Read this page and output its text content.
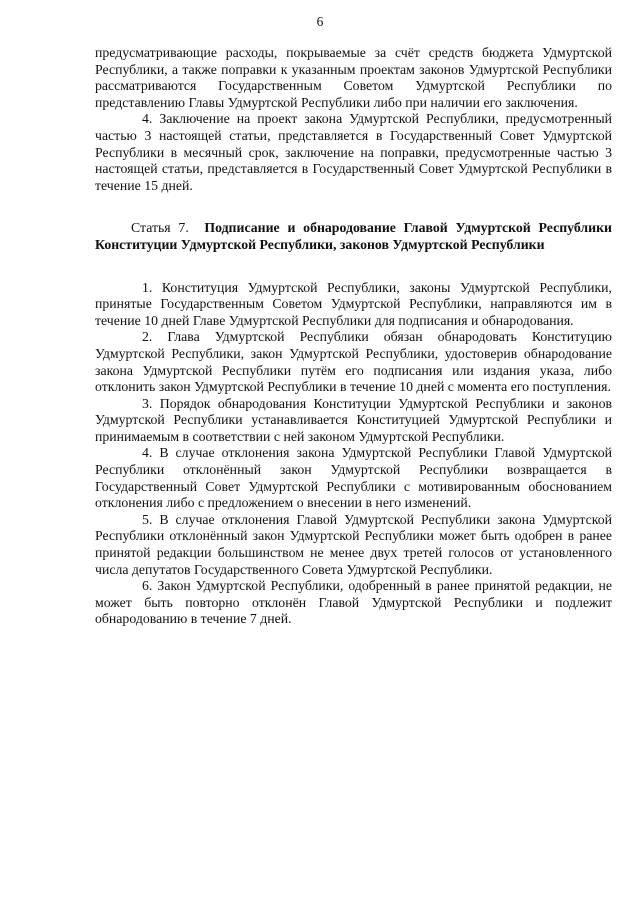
6

предусматривающие расходы, покрываемые за счёт средств бюджета Удмуртской Республики, а также поправки к указанным проектам законов Удмуртской Республики рассматриваются Государственным Советом Удмуртской Республики по представлению Главы Удмуртской Республики либо при наличии его заключения.

4. Заключение на проект закона Удмуртской Республики, предусмотренный частью 3 настоящей статьи, представляется в Государственный Совет Удмуртской Республики в месячный срок, заключение на поправки, предусмотренные частью 3 настоящей статьи, представляется в Государственный Совет Удмуртской Республики в течение 15 дней.

Статья 7. Подписание и обнародование Главой Удмуртской Республики Конституции Удмуртской Республики, законов Удмуртской Республики

1. Конституция Удмуртской Республики, законы Удмуртской Республики, принятые Государственным Советом Удмуртской Республики, направляются им в течение 10 дней Главе Удмуртской Республики для подписания и обнародования.

2. Глава Удмуртской Республики обязан обнародовать Конституцию Удмуртской Республики, закон Удмуртской Республики, удостоверив обнародование закона Удмуртской Республики путём его подписания или издания указа, либо отклонить закон Удмуртской Республики в течение 10 дней с момента его поступления.

3. Порядок обнародования Конституции Удмуртской Республики и законов Удмуртской Республики устанавливается Конституцией Удмуртской Республики и принимаемым в соответствии с ней законом Удмуртской Республики.

4. В случае отклонения закона Удмуртской Республики Главой Удмуртской Республики отклонённый закон Удмуртской Республики возвращается в Государственный Совет Удмуртской Республики с мотивированным обоснованием отклонения либо с предложением о внесении в него изменений.

5. В случае отклонения Главой Удмуртской Республики закона Удмуртской Республики отклонённый закон Удмуртской Республики может быть одобрен в ранее принятой редакции большинством не менее двух третей голосов от установленного числа депутатов Государственного Совета Удмуртской Республики.

6. Закон Удмуртской Республики, одобренный в ранее принятой редакции, не может быть повторно отклонён Главой Удмуртской Республики и подлежит обнародованию в течение 7 дней.
